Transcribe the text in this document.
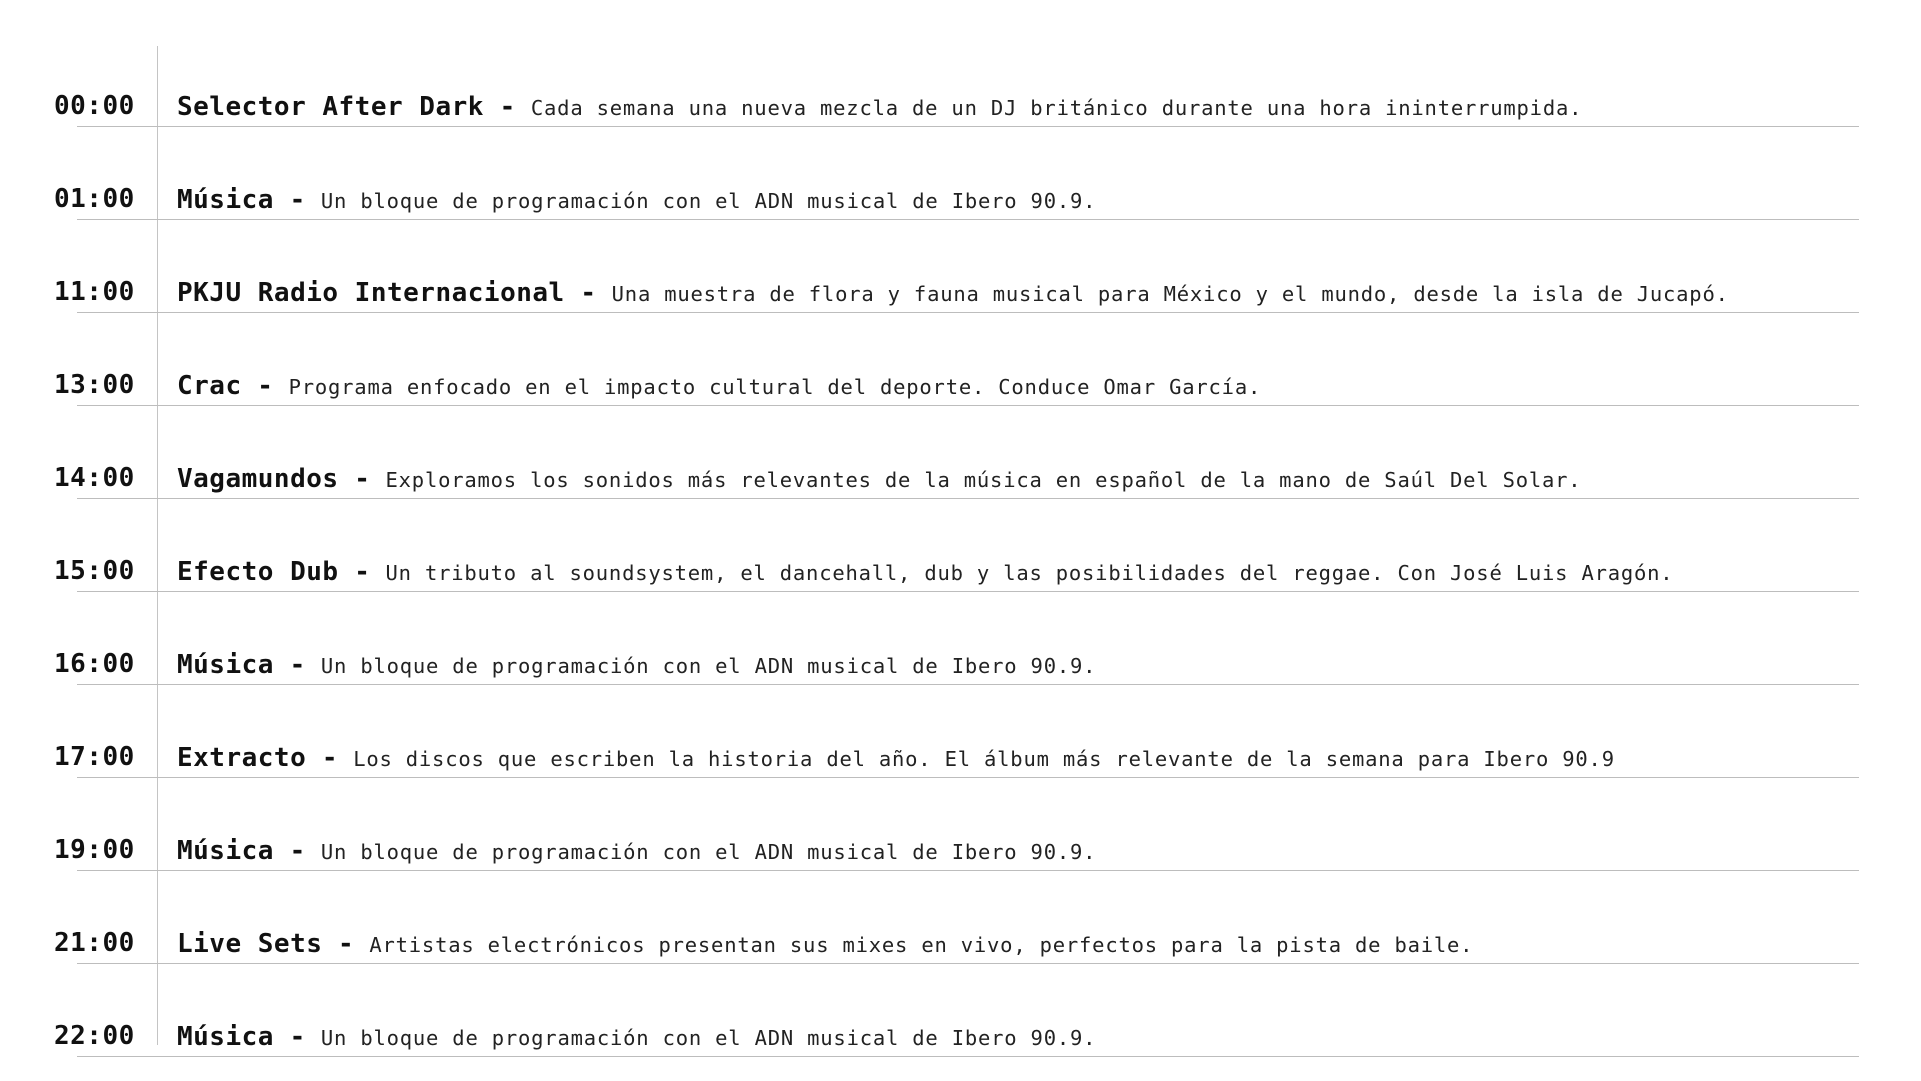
00:00	Selector After Dark - Cada semana una nueva mezcla de un DJ británico durante una hora ininterrumpida.
01:00	Música - Un bloque de programación con el ADN musical de Ibero 90.9.
11:00	PKJU Radio Internacional - Una muestra de flora y fauna musical para México y el mundo, desde la isla de Jucapó.
13:00	Crac - Programa enfocado en el impacto cultural del deporte. Conduce Omar García.
14:00	Vagamundos - Exploramos los sonidos más relevantes de la música en español de la mano de Saúl Del Solar.
15:00	Efecto Dub - Un tributo al soundsystem, el dancehall, dub y las posibilidades del reggae. Con José Luis Aragón.
16:00	Música - Un bloque de programación con el ADN musical de Ibero 90.9.
17:00	Extracto - Los discos que escriben la historia del año. El álbum más relevante de la semana para Ibero 90.9
19:00	Música - Un bloque de programación con el ADN musical de Ibero 90.9.
21:00	Live Sets - Artistas electrónicos presentan sus mixes en vivo, perfectos para la pista de baile.
22:00	Música - Un bloque de programación con el ADN musical de Ibero 90.9.
